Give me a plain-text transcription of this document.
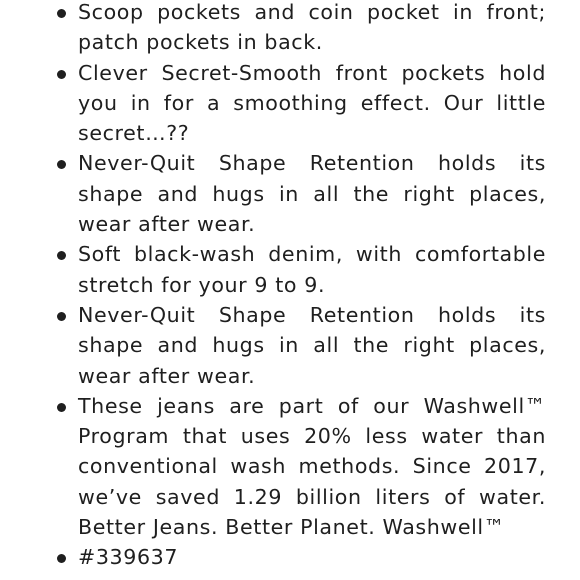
Scoop pockets and coin pocket in front; patch pockets in back.
Clever Secret-Smooth front pockets hold you in for a smoothing effect. Our little secret…??
Never-Quit Shape Retention holds its shape and hugs in all the right places, wear after wear.
Soft black-wash denim, with comfortable stretch for your 9 to 9.
Never-Quit Shape Retention holds its shape and hugs in all the right places, wear after wear.
These jeans are part of our Washwell™ Program that uses 20% less water than conventional wash methods. Since 2017, we’ve saved 1.29 billion liters of water. Better Jeans. Better Planet. Washwell™
#339637
